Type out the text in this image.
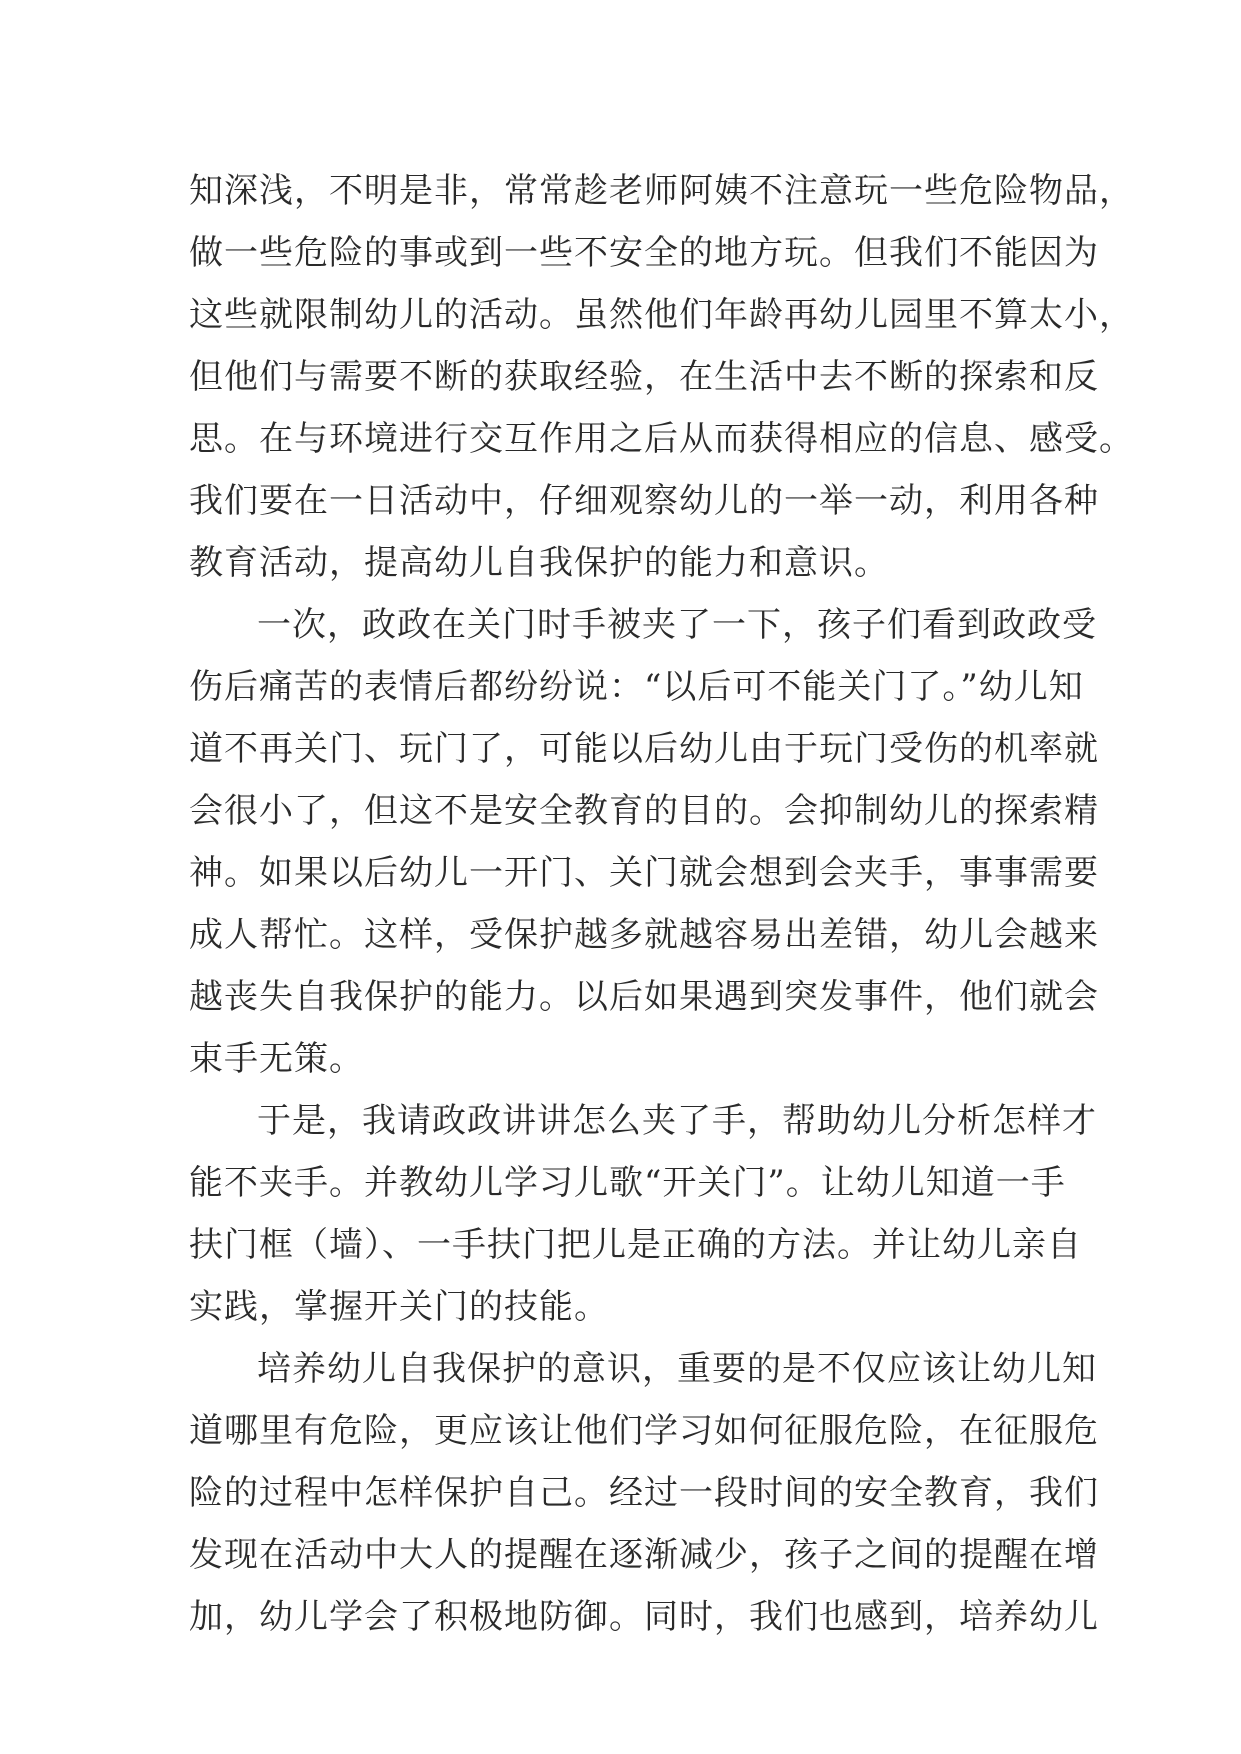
知深浅，不明是非，常常趁老师阿姨不注意玩一些危险物品，
做一些危险的事或到一些不安全的地方玩。但我们不能因为
这些就限制幼儿的活动。虽然他们年龄再幼儿园里不算太小，
但他们与需要不断的获取经验，在生活中去不断的探索和反
思。在与环境进行交互作用之后从而获得相应的信息、感受。
我们要在一日活动中，仔细观察幼儿的一举一动，利用各种
教育活动，提高幼儿自我保护的能力和意识。
一次，政政在关门时手被夹了一下，孩子们看到政政受
伤后痛苦的表情后都纷纷说：“以后可不能关门了。”幼儿知
道不再关门、玩门了，可能以后幼儿由于玩门受伤的机率就
会很小了，但这不是安全教育的目的。会抑制幼儿的探索精
神。如果以后幼儿一开门、关门就会想到会夹手，事事需要
成人帮忙。这样，受保护越多就越容易出差错，幼儿会越来
越丧失自我保护的能力。以后如果遇到突发事件，他们就会
束手无策。
于是，我请政政讲讲怎么夹了手，帮助幼儿分析怎样才
能不夹手。并教幼儿学习儿歌“开关门”。让幼儿知道一手
扶门框（墙）、一手扶门把儿是正确的方法。并让幼儿亲自
实践，掌握开关门的技能。
培养幼儿自我保护的意识，重要的是不仅应该让幼儿知
道哪里有危险，更应该让他们学习如何征服危险，在征服危
险的过程中怎样保护自己。经过一段时间的安全教育，我们
发现在活动中大人的提醒在逐渐减少，孩子之间的提醒在增
加，幼儿学会了积极地防御。同时，我们也感到，培养幼儿
